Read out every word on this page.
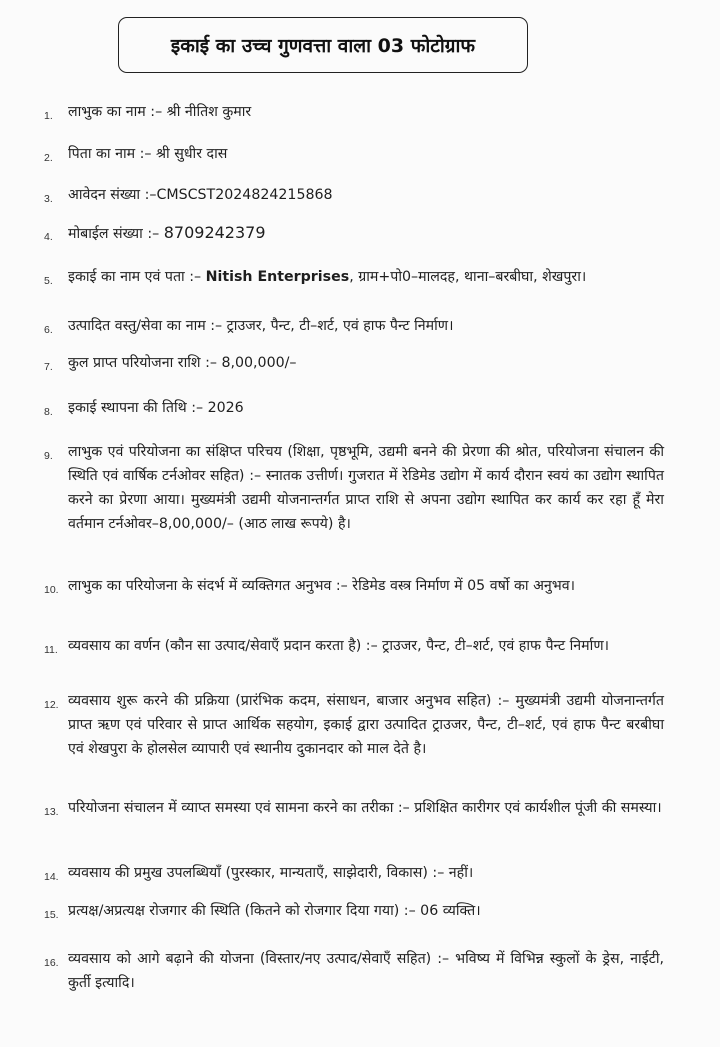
इकाई का उच्च गुणवत्ता वाला 03 फोटोग्राफ
1. लाभुक का नाम :– श्री नीतिश कुमार
2. पिता का नाम :– श्री सुधीर दास
3. आवेदन संख्या :–CMSCST2024824215868
4. मोबाईल संख्या :– 8709242379
5. इकाई का नाम एवं पता :– Nitish Enterprises, ग्राम+पो0–मालदह, थाना–बरबीघा, शेखपुरा।
6. उत्पादित वस्तु/सेवा का नाम :– ट्राउजर, पैन्ट, टी–शर्ट, एवं हाफ पैन्ट निर्माण।
7. कुल प्राप्त परियोजना राशि :– 8,00,000/–
8. इकाई स्थापना की तिथि :– 2026
9. लाभुक एवं परियोजना का संक्षिप्त परिचय (शिक्षा, पृष्ठभूमि, उद्यमी बनने की प्रेरणा की श्रोत, परियोजना संचालन की स्थिति एवं वार्षिक टर्नओवर सहित) :– स्नातक उत्तीर्ण। गुजरात में रेडिमेड उद्योग में कार्य दौरान स्वयं का उद्योग स्थापित करने का प्रेरणा आया। मुख्यमंत्री उद्यमी योजनान्तर्गत प्राप्त राशि से अपना उद्योग स्थापित कर कार्य कर रहा हूँ मेरा वर्तमान टर्नओवर–8,00,000/– (आठ लाख रूपये) है।
10. लाभुक का परियोजना के संदर्भ में व्यक्तिगत अनुभव :– रेडिमेड वस्त्र निर्माण में 05 वर्षो का अनुभव।
11. व्यवसाय का वर्णन (कौन सा उत्पाद/सेवाएँ प्रदान करता है) :– ट्राउजर, पैन्ट, टी–शर्ट, एवं हाफ पैन्ट निर्माण।
12. व्यवसाय शुरू करने की प्रक्रिया (प्रारंभिक कदम, संसाधन, बाजार अनुभव सहित) :– मुख्यमंत्री उद्यमी योजनान्तर्गत प्राप्त ऋण एवं परिवार से प्राप्त आर्थिक सहयोग, इकाई द्वारा उत्पादित ट्राउजर, पैन्ट, टी–शर्ट, एवं हाफ पैन्ट बरबीघा एवं शेखपुरा के होलसेल व्यापारी एवं स्थानीय दुकानदार को माल देते है।
13. परियोजना संचालन में व्याप्त समस्या एवं सामना करने का तरीका :– प्रशिक्षित कारीगर एवं कार्यशील पूंजी की समस्या।
14. व्यवसाय की प्रमुख उपलब्धियाँ (पुरस्कार, मान्यताएँ, साझेदारी, विकास) :– नहीं।
15. प्रत्यक्ष/अप्रत्यक्ष रोजगार की स्थिति (कितने को रोजगार दिया गया) :– 06 व्यक्ति।
16. व्यवसाय को आगे बढ़ाने की योजना (विस्तार/नए उत्पाद/सेवाएँ सहित) :– भविष्य में विभिन्न स्कुलों के ड्रेस, नाईटी, कुर्ती इत्यादि।
